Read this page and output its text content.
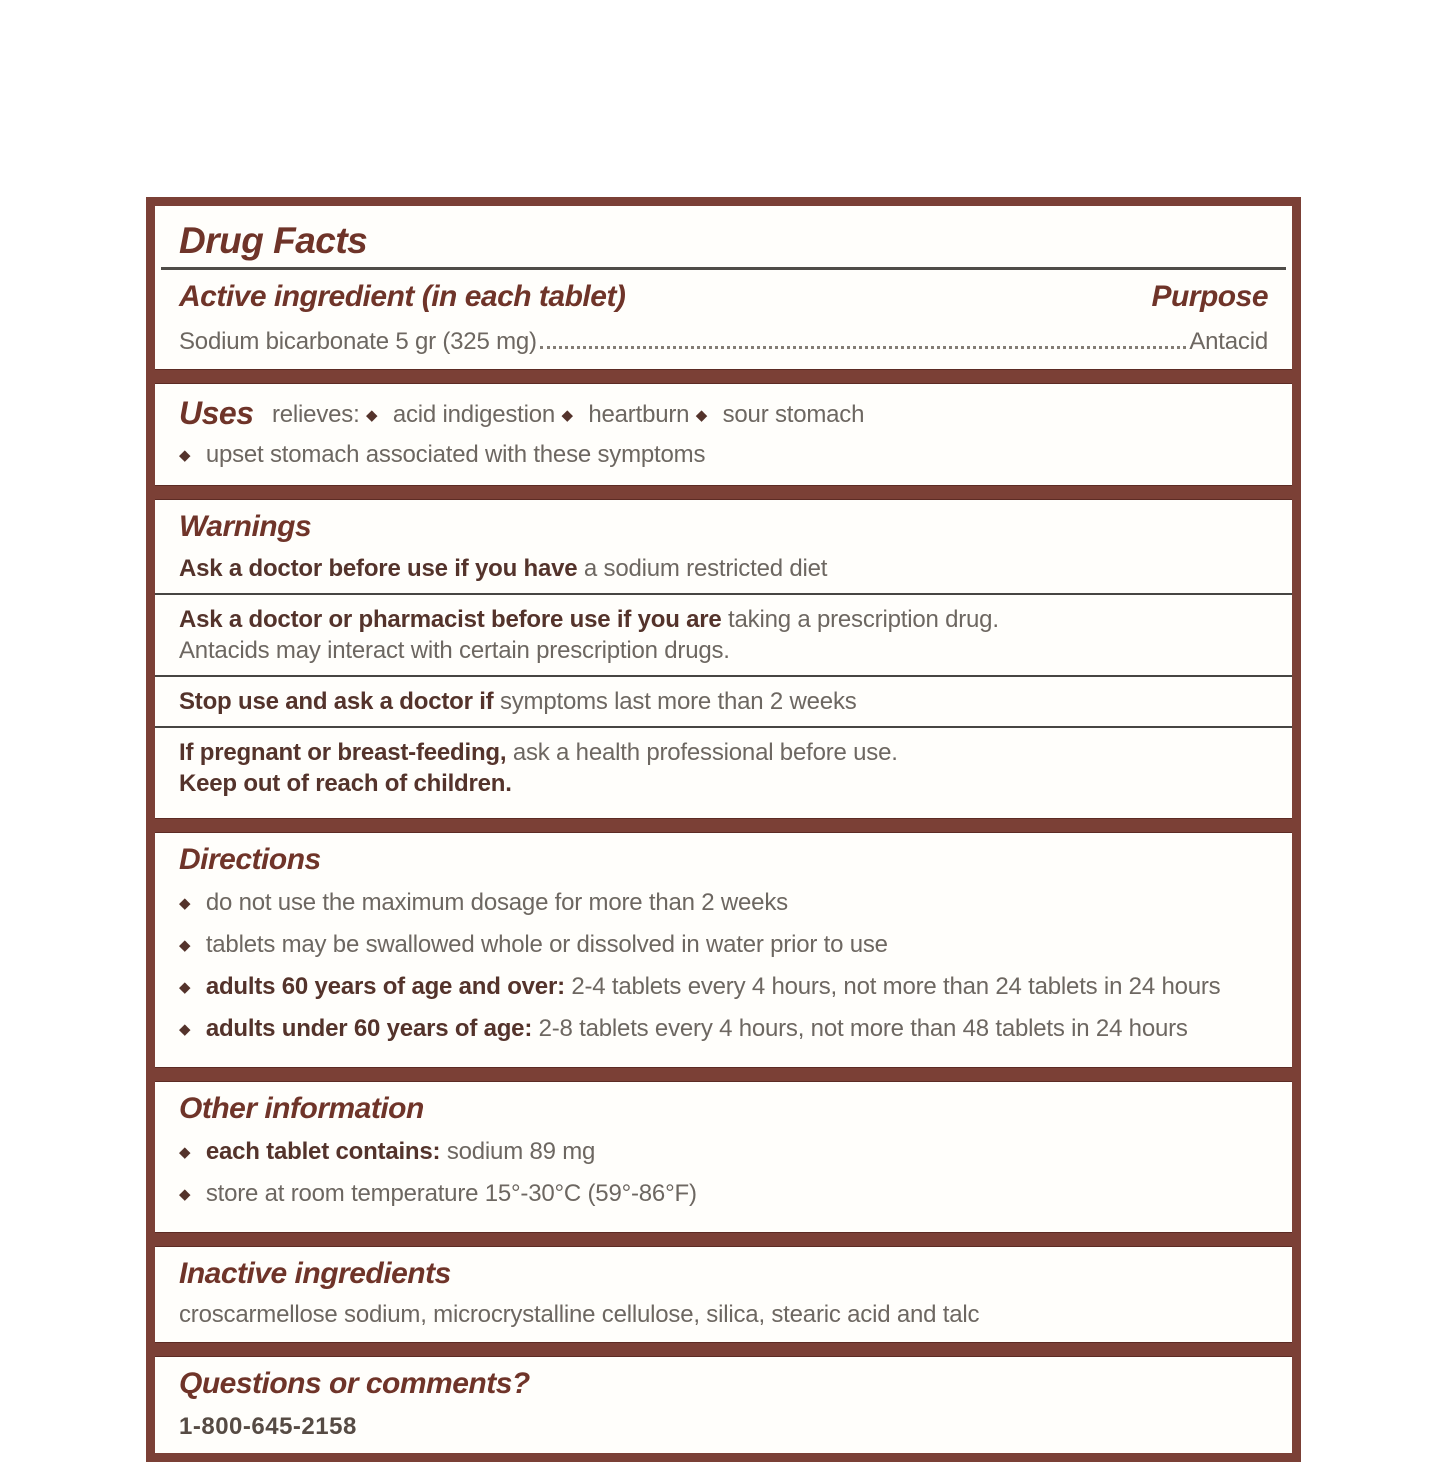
Drug Facts
Active ingredient (in each tablet)	Purpose
Sodium bicarbonate 5 gr (325 mg)	Antacid
Uses relieves: ◆ acid indigestion ◆ heartburn ◆ sour stomach
◆ upset stomach associated with these symptoms
Warnings
Ask a doctor before use if you have a sodium restricted diet
Ask a doctor or pharmacist before use if you are taking a prescription drug.
Antacids may interact with certain prescription drugs.
Stop use and ask a doctor if symptoms last more than 2 weeks
If pregnant or breast-feeding, ask a health professional before use.
Keep out of reach of children.
Directions
◆ do not use the maximum dosage for more than 2 weeks
◆ tablets may be swallowed whole or dissolved in water prior to use
◆ adults 60 years of age and over: 2-4 tablets every 4 hours, not more than 24 tablets in 24 hours
◆ adults under 60 years of age: 2-8 tablets every 4 hours, not more than 48 tablets in 24 hours
Other information
◆ each tablet contains: sodium 89 mg
◆ store at room temperature 15°-30°C (59°-86°F)
Inactive ingredients
croscarmellose sodium, microcrystalline cellulose, silica, stearic acid and talc
Questions or comments?
1-800-645-2158
